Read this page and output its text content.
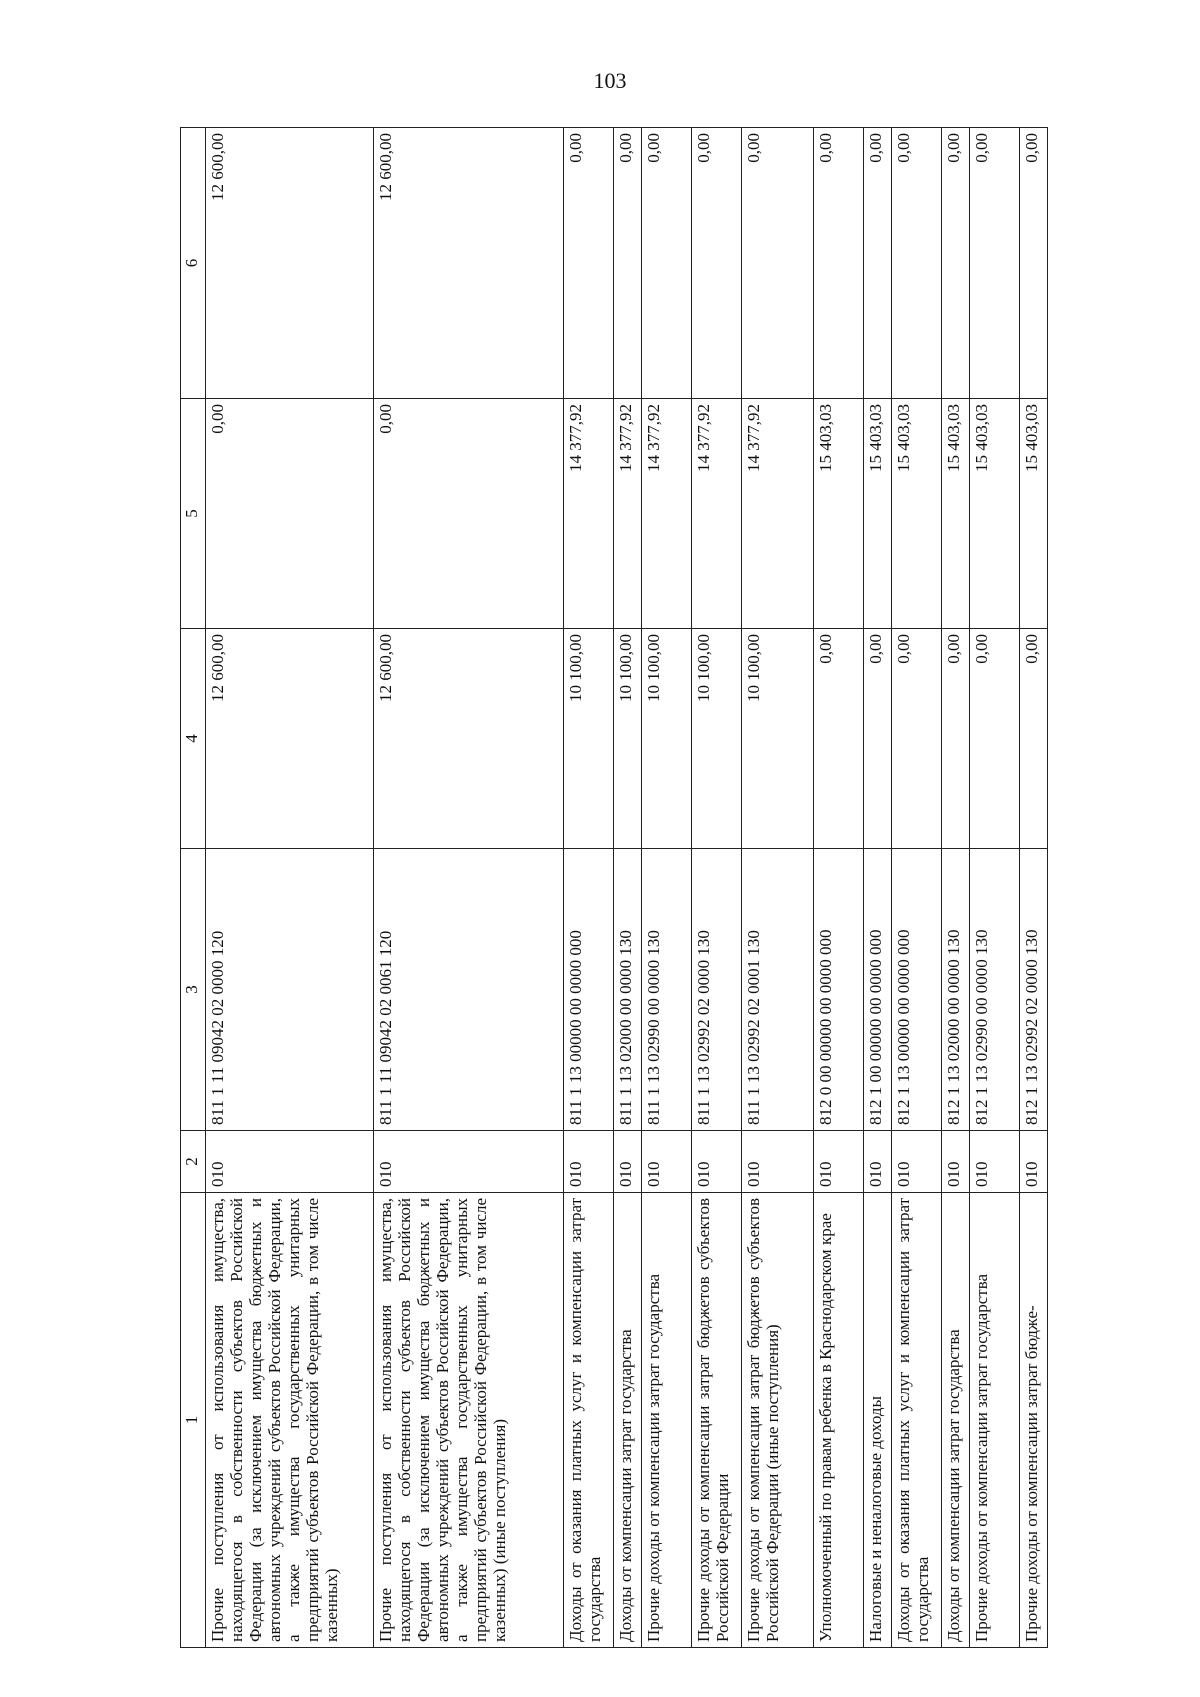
103
1	2	3	4	5	6
Прочие поступления от использования имущества, находящегося в собственности субъектов Российской Федерации (за исключением имущества бюджетных и автономных учреждений субъектов Российской Федерации, а также имущества государственных унитарных предприятий субъектов Российской Федерации, в том числе казенных)	010	811 1 11 09042 02 0000 120	12 600,00	0,00	12 600,00
Прочие поступления от использования имущества, находящегося в собственности субъектов Российской Федерации (за исключением имущества бюджетных и автономных учреждений субъектов Российской Федерации, а также имущества государственных унитарных предприятий субъектов Российской Федерации, в том числе казенных) (иные поступления)	010	811 1 11 09042 02 0061 120	12 600,00	0,00	12 600,00
Доходы от оказания платных услуг и компенсации затрат государства	010	811 1 13 00000 00 0000 000	10 100,00	14 377,92	0,00
Доходы от компенсации затрат государства	010	811 1 13 02000 00 0000 130	10 100,00	14 377,92	0,00
Прочие доходы от компенсации затрат государства	010	811 1 13 02990 00 0000 130	10 100,00	14 377,92	0,00
Прочие доходы от компенсации затрат бюджетов субъектов Российской Федерации	010	811 1 13 02992 02 0000 130	10 100,00	14 377,92	0,00
Прочие доходы от компенсации затрат бюджетов субъектов Российской Федерации (иные поступления)	010	811 1 13 02992 02 0001 130	10 100,00	14 377,92	0,00
Уполномоченный по правам ребенка в Краснодарском крае	010	812 0 00 00000 00 0000 000	0,00	15 403,03	0,00
Налоговые и неналоговые доходы	010	812 1 00 00000 00 0000 000	0,00	15 403,03	0,00
Доходы от оказания платных услуг и компенсации затрат государства	010	812 1 13 00000 00 0000 000	0,00	15 403,03	0,00
Доходы от компенсации затрат государства	010	812 1 13 02000 00 0000 130	0,00	15 403,03	0,00
Прочие доходы от компенсации затрат государства	010	812 1 13 02990 00 0000 130	0,00	15 403,03	0,00
Прочие доходы от компенсации затрат бюдже-	010	812 1 13 02992 02 0000 130	0,00	15 403,03	0,00
